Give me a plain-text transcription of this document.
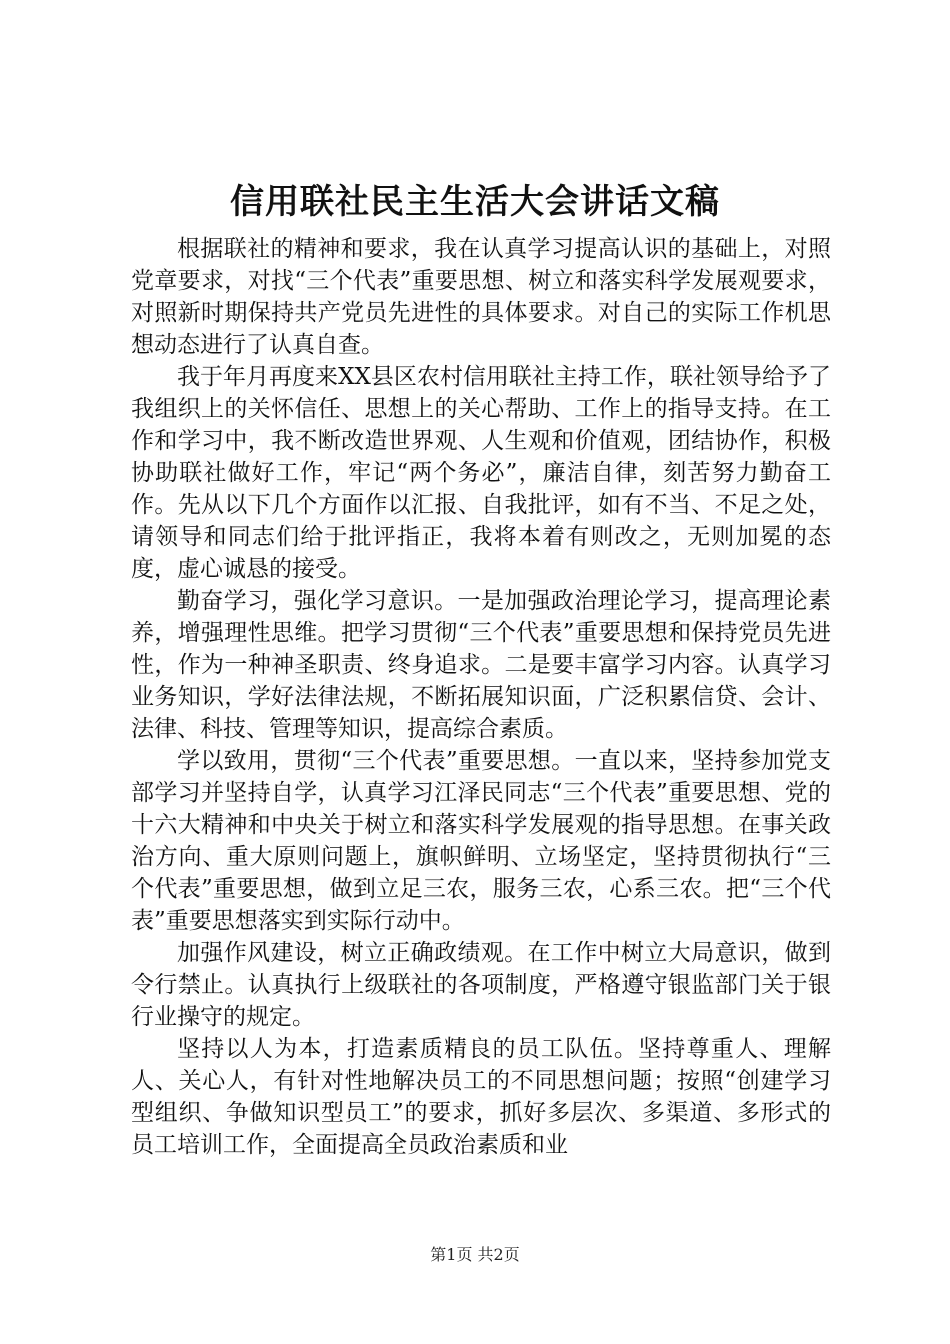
信用联社民主生活大会讲话文稿

根据联社的精神和要求，我在认真学习提高认识的基础上，对照党章要求，对找“三个代表”重要思想、树立和落实科学发展观要求，对照新时期保持共产党员先进性的具体要求。对自己的实际工作机思想动态进行了认真自查。

我于年月再度来XX县区农村信用联社主持工作，联社领导给予了我组织上的关怀信任、思想上的关心帮助、工作上的指导支持。在工作和学习中，我不断改造世界观、人生观和价值观，团结协作，积极协助联社做好工作，牢记“两个务必”，廉洁自律，刻苦努力勤奋工作。先从以下几个方面作以汇报、自我批评，如有不当、不足之处，请领导和同志们给于批评指正，我将本着有则改之，无则加冕的态度，虚心诚恳的接受。

勤奋学习，强化学习意识。一是加强政治理论学习，提高理论素养，增强理性思维。把学习贯彻“三个代表”重要思想和保持党员先进性，作为一种神圣职责、终身追求。二是要丰富学习内容。认真学习业务知识，学好法律法规，不断拓展知识面，广泛积累信贷、会计、法律、科技、管理等知识，提高综合素质。

学以致用，贯彻“三个代表”重要思想。一直以来，坚持参加党支部学习并坚持自学，认真学习江泽民同志“三个代表”重要思想、党的十六大精神和中央关于树立和落实科学发展观的指导思想。在事关政治方向、重大原则问题上，旗帜鲜明、立场坚定，坚持贯彻执行“三个代表”重要思想，做到立足三农，服务三农，心系三农。把“三个代表”重要思想落实到实际行动中。

加强作风建设，树立正确政绩观。在工作中树立大局意识，做到令行禁止。认真执行上级联社的各项制度，严格遵守银监部门关于银行业操守的规定。

坚持以人为本，打造素质精良的员工队伍。坚持尊重人、理解人、关心人，有针对性地解决员工的不同思想问题；按照“创建学习型组织、争做知识型员工”的要求，抓好多层次、多渠道、多形式的员工培训工作，全面提高全员政治素质和业

第1页 共2页
